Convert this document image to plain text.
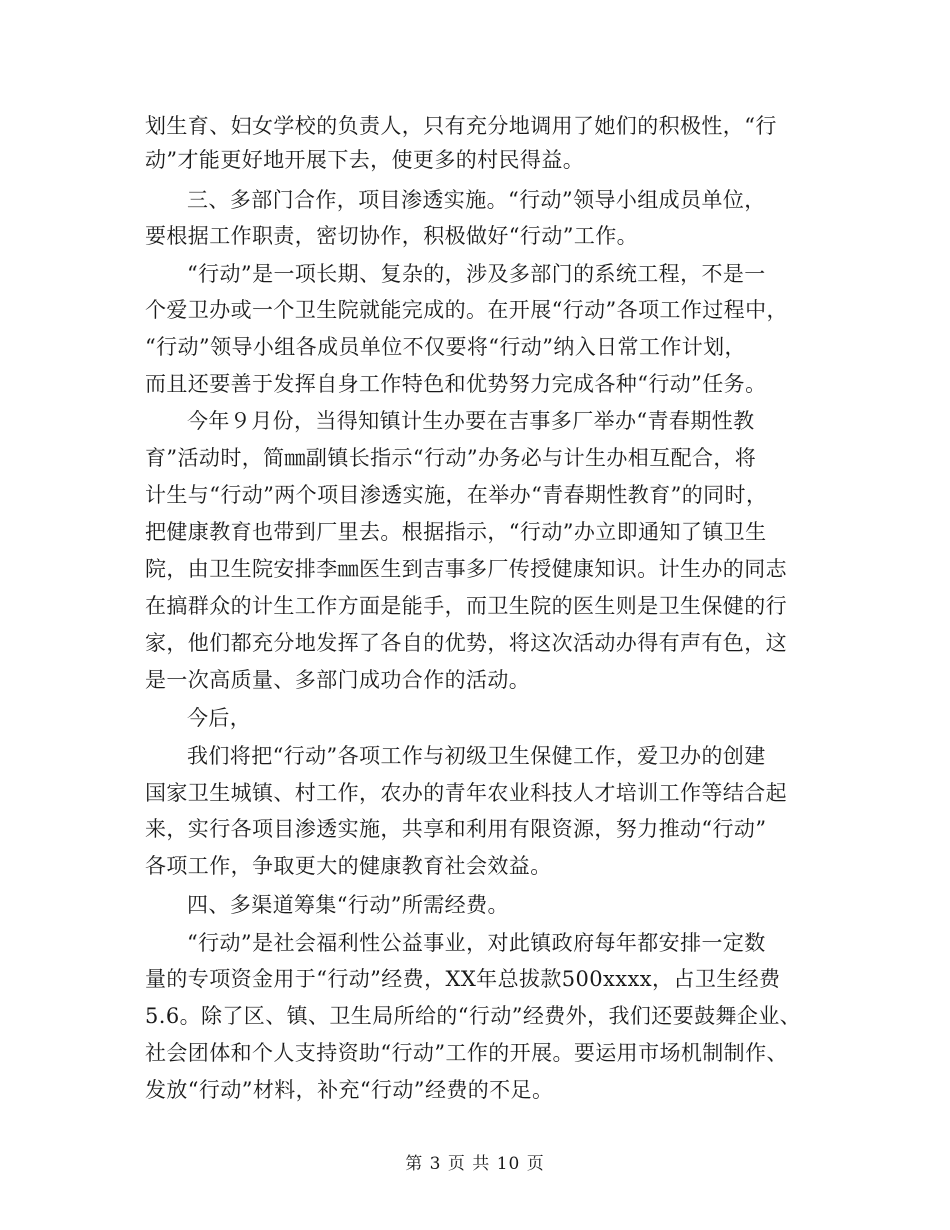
划生育、妇女学校的负责人，只有充分地调用了她们的积极性，“行
动”才能更好地开展下去，使更多的村民得益。
三、多部门合作，项目渗透实施。“行动”领导小组成员单位，
要根据工作职责，密切协作，积极做好“行动”工作。
“行动”是一项长期、复杂的，涉及多部门的系统工程，不是一
个爱卫办或一个卫生院就能完成的。在开展“行动”各项工作过程中，
“行动”领导小组各成员单位不仅要将“行动”纳入日常工作计划，
而且还要善于发挥自身工作特色和优势努力完成各种“行动”任务。
今年９月份，当得知镇计生办要在吉事多厂举办“青春期性教
育”活动时，简㎜副镇长指示“行动”办务必与计生办相互配合，将
计生与“行动”两个项目渗透实施，在举办“青春期性教育”的同时，
把健康教育也带到厂里去。根据指示，“行动”办立即通知了镇卫生
院，由卫生院安排李㎜医生到吉事多厂传授健康知识。计生办的同志
在搞群众的计生工作方面是能手，而卫生院的医生则是卫生保健的行
家，他们都充分地发挥了各自的优势，将这次活动办得有声有色，这
是一次高质量、多部门成功合作的活动。
今后，
我们将把“行动”各项工作与初级卫生保健工作，爱卫办的创建
国家卫生城镇、村工作，农办的青年农业科技人才培训工作等结合起
来，实行各项目渗透实施，共享和利用有限资源，努力推动“行动”
各项工作，争取更大的健康教育社会效益。
四、多渠道筹集“行动”所需经费。
“行动”是社会福利性公益事业，对此镇政府每年都安排一定数
量的专项资金用于“行动”经费，XX年总拔款500xxxx，占卫生经费
5.6。除了区、镇、卫生局所给的“行动”经费外，我们还要鼓舞企业、
社会团体和个人支持资助“行动”工作的开展。要运用市场机制制作、
发放“行动”材料，补充“行动”经费的不足。
第 3 页 共 10 页
